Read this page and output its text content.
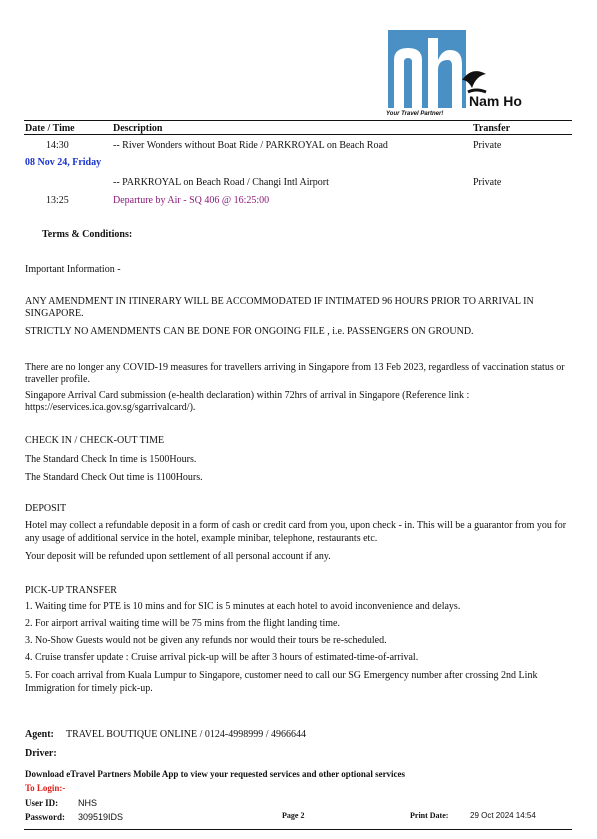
Nam Ho
Your Travel Partner!
Date / Time	Description	Transfer
14:30	-- River Wonders without Boat Ride / PARKROYAL on Beach Road	Private
08 Nov 24, Friday
-- PARKROYAL on Beach Road / Changi Intl Airport	Private
13:25	Departure by Air - SQ 406 @ 16:25:00
Terms & Conditions:
Important Information -
ANY AMENDMENT IN ITINERARY WILL BE ACCOMMODATED IF INTIMATED 96 HOURS PRIOR TO ARRIVAL IN SINGAPORE.
STRICTLY NO AMENDMENTS CAN BE DONE FOR ONGOING FILE , i.e. PASSENGERS ON GROUND.
There are no longer any COVID-19 measures for travellers arriving in Singapore from 13 Feb 2023, regardless of vaccination status or traveller profile.
Singapore Arrival Card submission (e-health declaration) within 72hrs of arrival in Singapore (Reference link : https://eservices.ica.gov.sg/sgarrivalcard/).
CHECK IN / CHECK-OUT TIME
The Standard Check In time is 1500Hours.
The Standard Check Out time is 1100Hours.
DEPOSIT
Hotel may collect a refundable deposit in a form of cash or credit card from you, upon check - in. This will be a guarantor from you for any usage of additional service in the hotel, example minibar, telephone, restaurants etc.
Your deposit will be refunded upon settlement of all personal account if any.
PICK-UP TRANSFER
1. Waiting time for PTE is 10 mins and for SIC is 5 minutes at each hotel to avoid inconvenience and delays.
2. For airport arrival waiting time will be 75 mins from the flight landing time.
3. No-Show Guests would not be given any refunds nor would their tours be re-scheduled.
4. Cruise transfer update : Cruise arrival pick-up will be after 3 hours of estimated-time-of-arrival.
5. For coach arrival from Kuala Lumpur to Singapore, customer need to call our SG Emergency number after crossing 2nd Link Immigration for timely pick-up.
Agent: TRAVEL BOUTIQUE ONLINE / 0124-4998999 / 4966644
Driver:
Download eTravel Partners Mobile App to view your requested services and other optional services
To Login:-
User ID: NHS
Password: 309519IDS	Page 2	Print Date:	29 Oct 2024 14:54
